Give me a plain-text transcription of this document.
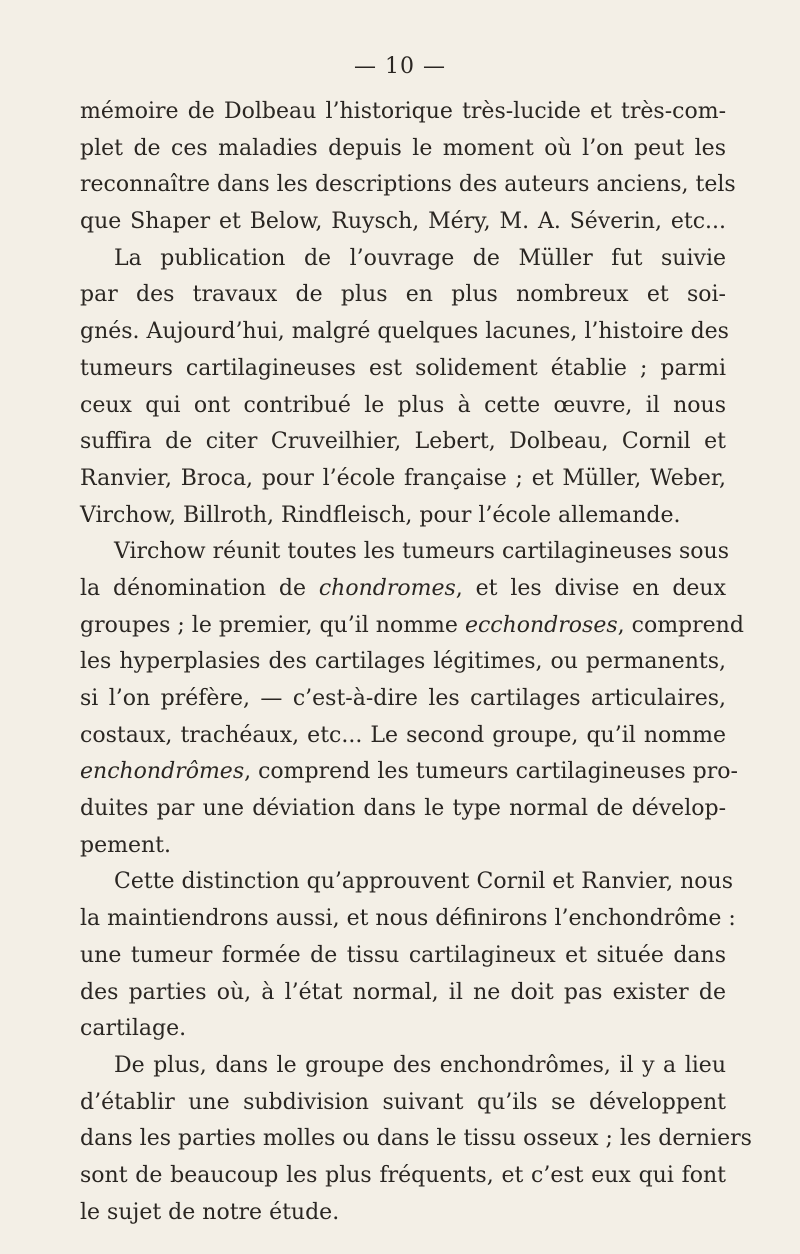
— 10 —
mémoire de Dolbeau l’historique très-lucide et très-com-
plet de ces maladies depuis le moment où l’on peut les
reconnaître dans les descriptions des auteurs anciens, tels
que Shaper et Below, Ruysch, Méry, M. A. Séverin, etc...
La publication de l’ouvrage de Müller fut suivie
par des travaux de plus en plus nombreux et soi-
gnés. Aujourd’hui, malgré quelques lacunes, l’histoire des
tumeurs cartilagineuses est solidement établie ; parmi
ceux qui ont contribué le plus à cette œuvre, il nous
suffira de citer Cruveilhier, Lebert, Dolbeau, Cornil et
Ranvier, Broca, pour l’école française ; et Müller, Weber,
Virchow, Billroth, Rindfleisch, pour l’école allemande.
Virchow réunit toutes les tumeurs cartilagineuses sous
la dénomination de chondromes, et les divise en deux
groupes ; le premier, qu’il nomme ecchondroses, comprend
les hyperplasies des cartilages légitimes, ou permanents,
si l’on préfère, — c’est-à-dire les cartilages articulaires,
costaux, trachéaux, etc... Le second groupe, qu’il nomme
enchondrômes, comprend les tumeurs cartilagineuses pro-
duites par une déviation dans le type normal de dévelop-
pement.
Cette distinction qu’approuvent Cornil et Ranvier, nous
la maintiendrons aussi, et nous définirons l’enchondrôme :
une tumeur formée de tissu cartilagineux et située dans
des parties où, à l’état normal, il ne doit pas exister de
cartilage.
De plus, dans le groupe des enchondrômes, il y a lieu
d’établir une subdivision suivant qu’ils se développent
dans les parties molles ou dans le tissu osseux ; les derniers
sont de beaucoup les plus fréquents, et c’est eux qui font
le sujet de notre étude.
